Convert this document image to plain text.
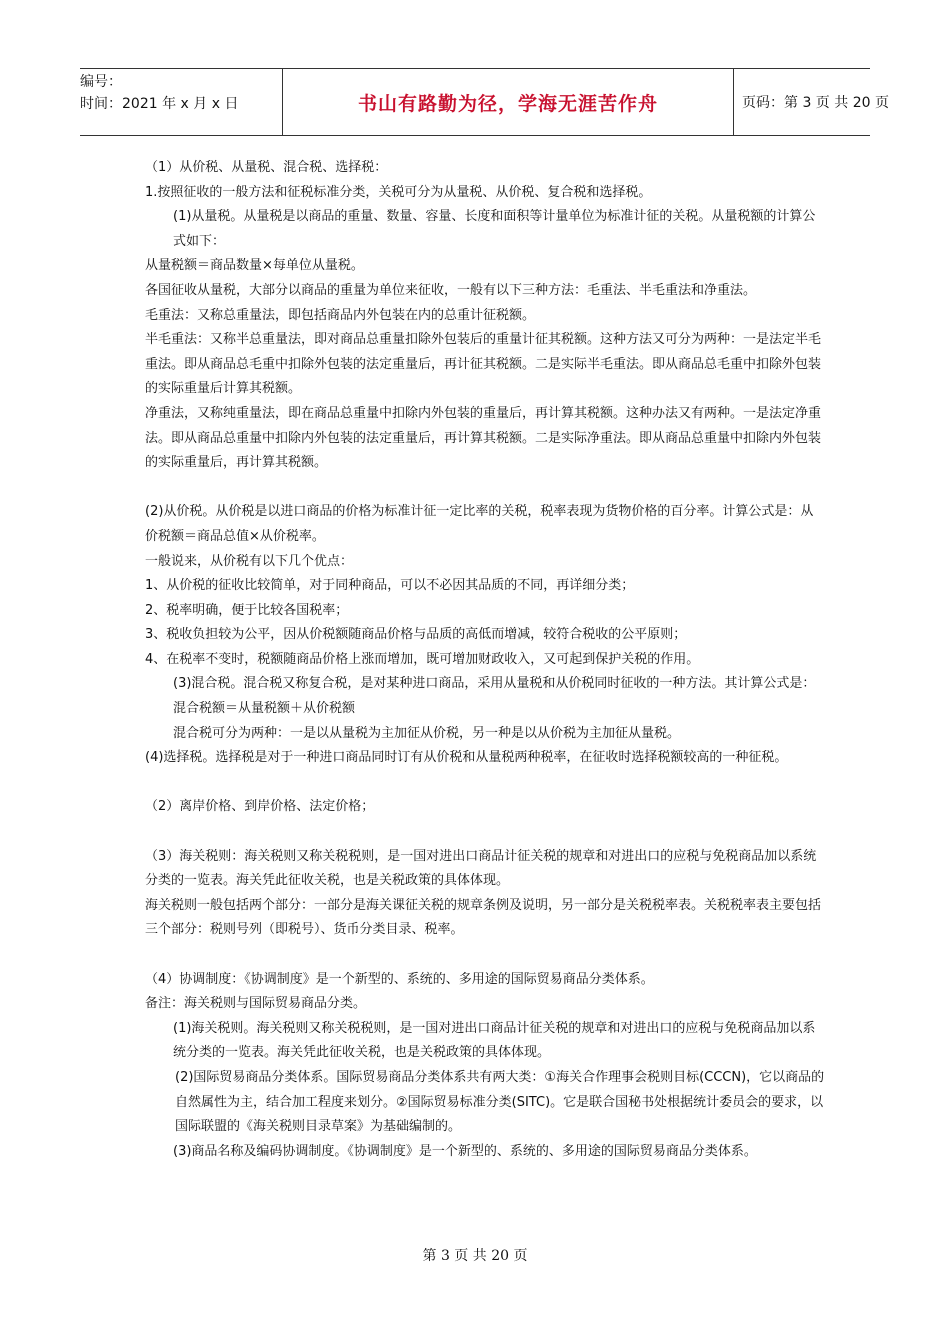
编号：
时间：2021 年 x 月 x 日	书山有路勤为径，学海无涯苦作舟	页码：第 3 页 共 20 页

（1）从价税、从量税、混合税、选择税：

1.按照征收的一般方法和征税标准分类，关税可分为从量税、从价税、复合税和选择税。

(1)从量税。从量税是以商品的重量、数量、容量、长度和面积等计量单位为标准计征的关税。从量税额的计算公式如下：

从量税额＝商品数量×每单位从量税。

各国征收从量税，大部分以商品的重量为单位来征收，一般有以下三种方法：毛重法、半毛重法和净重法。

毛重法：又称总重量法，即包括商品内外包装在内的总重计征税额。

半毛重法：又称半总重量法，即对商品总重量扣除外包装后的重量计征其税额。这种方法又可分为两种：一是法定半毛重法。即从商品总毛重中扣除外包装的法定重量后，再计征其税额。二是实际半毛重法。即从商品总毛重中扣除外包装的实际重量后计算其税额。

净重法，又称纯重量法，即在商品总重量中扣除内外包装的重量后，再计算其税额。这种办法又有两种。一是法定净重法。即从商品总重量中扣除内外包装的法定重量后，再计算其税额。二是实际净重法。即从商品总重量中扣除内外包装的实际重量后，再计算其税额。

(2)从价税。从价税是以进口商品的价格为标准计征一定比率的关税，税率表现为货物价格的百分率。计算公式是：从价税额＝商品总值×从价税率。

一般说来，从价税有以下几个优点：

1、从价税的征收比较简单，对于同种商品，可以不必因其品质的不同，再详细分类；

2、税率明确，便于比较各国税率；

3、税收负担较为公平，因从价税额随商品价格与品质的高低而增减，较符合税收的公平原则；

4、在税率不变时，税额随商品价格上涨而增加，既可增加财政收入，又可起到保护关税的作用。

(3)混合税。混合税又称复合税，是对某种进口商品，采用从量税和从价税同时征收的一种方法。其计算公式是：混合税额＝从量税额＋从价税额

混合税可分为两种：一是以从量税为主加征从价税，另一种是以从价税为主加征从量税。

(4)选择税。选择税是对于一种进口商品同时订有从价税和从量税两种税率，在征收时选择税额较高的一种征税。

（2）离岸价格、到岸价格、法定价格；

（3）海关税则：海关税则又称关税税则，是一国对进出口商品计征关税的规章和对进出口的应税与免税商品加以系统分类的一览表。海关凭此征收关税，也是关税政策的具体体现。

海关税则一般包括两个部分：一部分是海关课征关税的规章条例及说明，另一部分是关税税率表。关税税率表主要包括三个部分：税则号列（即税号）、货币分类目录、税率。

（4）协调制度：《协调制度》是一个新型的、系统的、多用途的国际贸易商品分类体系。

备注：海关税则与国际贸易商品分类。

(1)海关税则。海关税则又称关税税则，是一国对进出口商品计征关税的规章和对进出口的应税与免税商品加以系统分类的一览表。海关凭此征收关税，也是关税政策的具体体现。

(2)国际贸易商品分类体系。国际贸易商品分类体系共有两大类：①海关合作理事会税则目标(CCCN)，它以商品的自然属性为主，结合加工程度来划分。②国际贸易标准分类(SITC)。它是联合国秘书处根据统计委员会的要求，以国际联盟的《海关税则目录草案》为基础编制的。

(3)商品名称及编码协调制度。《协调制度》是一个新型的、系统的、多用途的国际贸易商品分类体系。

第 3 页 共 20 页
